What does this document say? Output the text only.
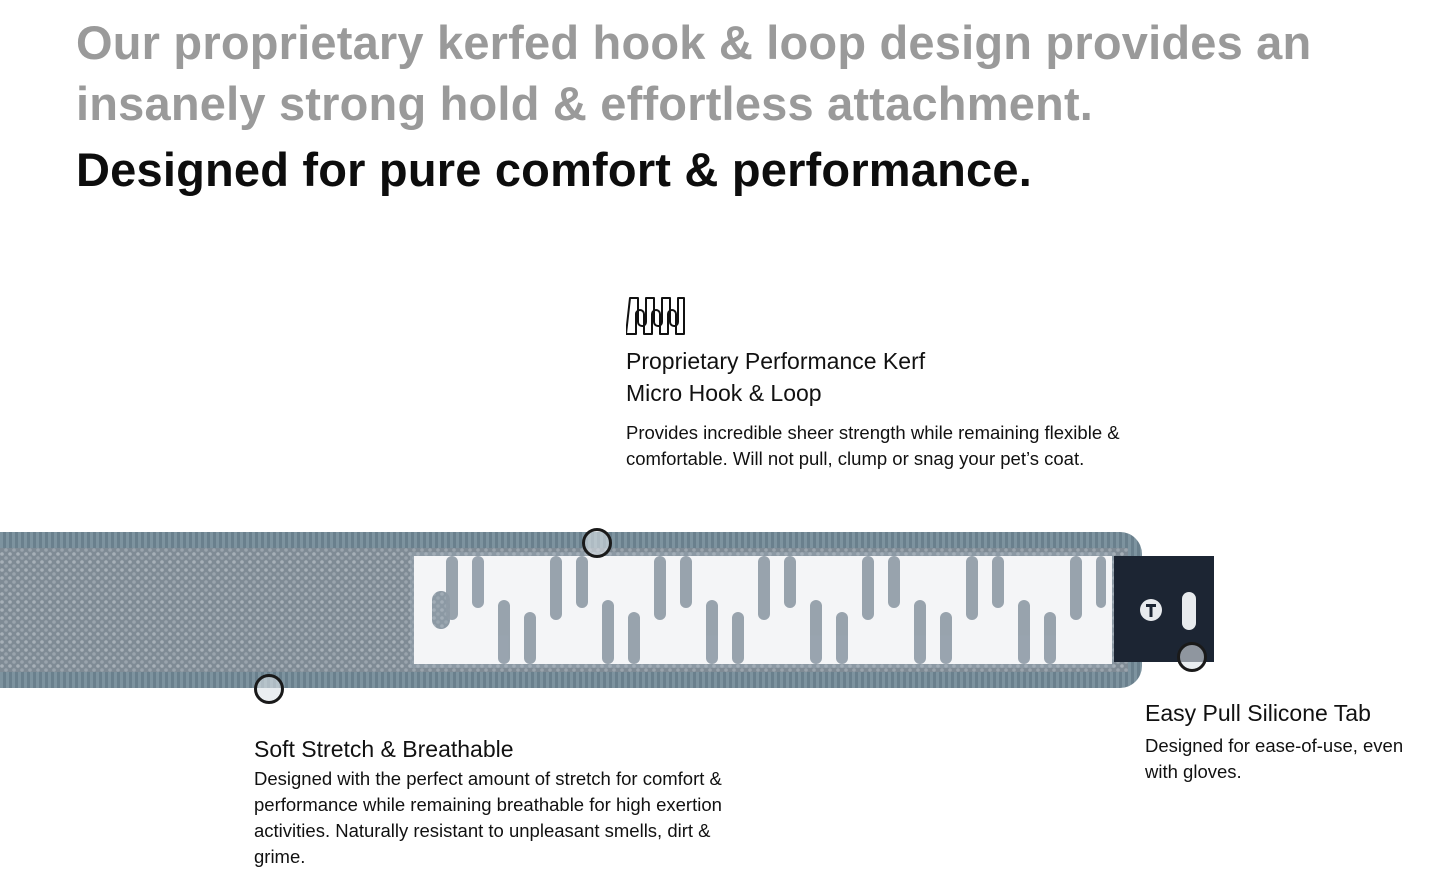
Our proprietary kerfed hook & loop design provides an insanely strong hold & effortless attachment.
Designed for pure comfort & performance.

Proprietary Performance Kerf

Micro Hook & Loop

Provides incredible sheer strength while remaining flexible & comfortable. Will not pull, clump or snag your pet’s coat.

Soft Stretch & Breathable

Designed with the perfect amount of stretch for comfort & performance while remaining breathable for high exertion activities. Naturally resistant to unpleasant smells, dirt & grime.

Easy Pull Silicone Tab

Designed for ease-of-use, even with gloves.
